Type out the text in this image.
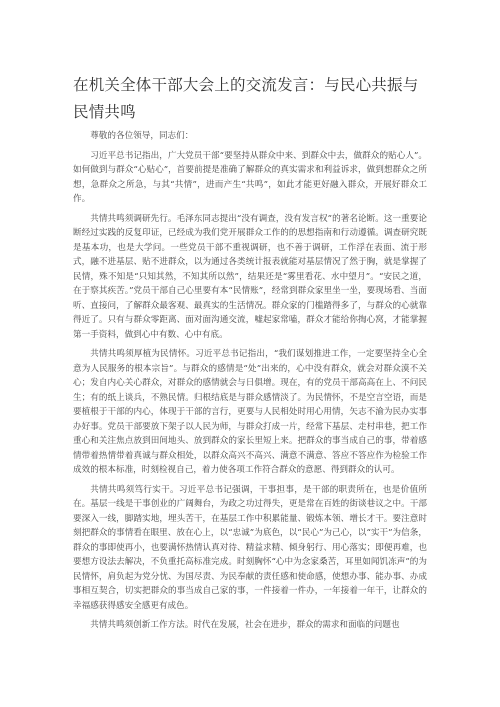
在机关全体干部大会上的交流发言：与民心共振与民情共鸣

尊敬的各位领导，同志们：

习近平总书记指出，广大党员干部“要坚持从群众中来、到群众中去，做群众的贴心人”。如何做到与群众“心贴心”，首要前提是准确了解群众的真实需求和利益诉求，做到想群众之所想，急群众之所急，与其“共情”，进而产生“共鸣”，如此才能更好融入群众，开展好群众工作。

共情共鸣须调研先行。毛泽东同志提出“没有调查，没有发言权”的著名论断。这一重要论断经过实践的反复印证，已经成为我们党开展群众工作的的思想指南和行动遵循。调查研究既是基本功，也是大学问。一些党员干部不重视调研，也不善于调研，工作浮在表面、流于形式，融不进基层、贴不进群众，以为通过各类统计报表就能对基层情况了然于胸，就是掌握了民情，殊不知是“只知其然，不知其所以然”，结果还是“雾里看花、水中望月”。“安民之道，在于察其疾苦。”党员干部自己心里要有本“民情账”，经常到群众家里坐一坐，要现场看、当面听、直接问，了解群众最客观、最真实的生活情况。群众家的门槛踏得多了，与群众的心就靠得近了。只有与群众零距离、面对面沟通交流，嘘起家常嗑，群众才能给你掏心窝，才能掌握第一手资料，做到心中有数、心中有底。

共情共鸣须厚植为民情怀。习近平总书记指出，“我们谋划推进工作，一定要坚持全心全意为人民服务的根本宗旨”。与群众的感情是“处”出来的，心中没有群众，就会对群众漠不关心；发自内心关心群众，对群众的感情就会与日俱增。现在，有的党员干部高高在上、不问民生；有的纸上谈兵，不熟民情。归根结底是与群众感情淡了。为民情怀，不是空言空语，而是要植根于干部的内心，体现于干部的言行，更要与人民相处时用心用情，矢志不渝为民办实事办好事。党员干部要放下架子以人民为师，与群众打成一片，经常下基层、走村串巷，把工作重心和关注焦点放到田间地头、放到群众的家长里短上来。把群众的事当成自己的事，带着感情带着热情带着真诚与群众相处，以群众高兴不高兴、满意不满意、答应不答应作为检验工作成效的根本标准，时刻检视自己，着力使各项工作符合群众的意愿、得到群众的认可。

共情共鸣须笃行实干。习近平总书记强调，干事担事，是干部的职责所在，也是价值所在。基层一线是干事创业的广阔舞台，为政之功过得失，更是常在百姓的街谈巷议之中。干部要深入一线，脚踏实地，埋头苦干，在基层工作中积累能量、锻炼本领、增长才干。要注意时刻把群众的事情看在眼里、放在心上，以“忠诚”为底色，以“民心”为己心，以“实干”为信条，群众的事即使再小，也要满怀热情认真对待、精益求精、倾身躬行、用心落实；即便再难，也要想方设法去解决，不负重托高标准完成。时刻胸怀“心中为念家桑苦，耳里如闻饥冻声”的为民情怀，肩负起为党分忧、为国尽责、为民奉献的责任感和使命感，使想办事、能办事、办成事相互契合，切实把群众的事当成自己家的事，一件接着一件办，一年接着一年干，让群众的幸福感获得感安全感更有成色。

共情共鸣须创新工作方法。时代在发展，社会在进步，群众的需求和面临的问题也
